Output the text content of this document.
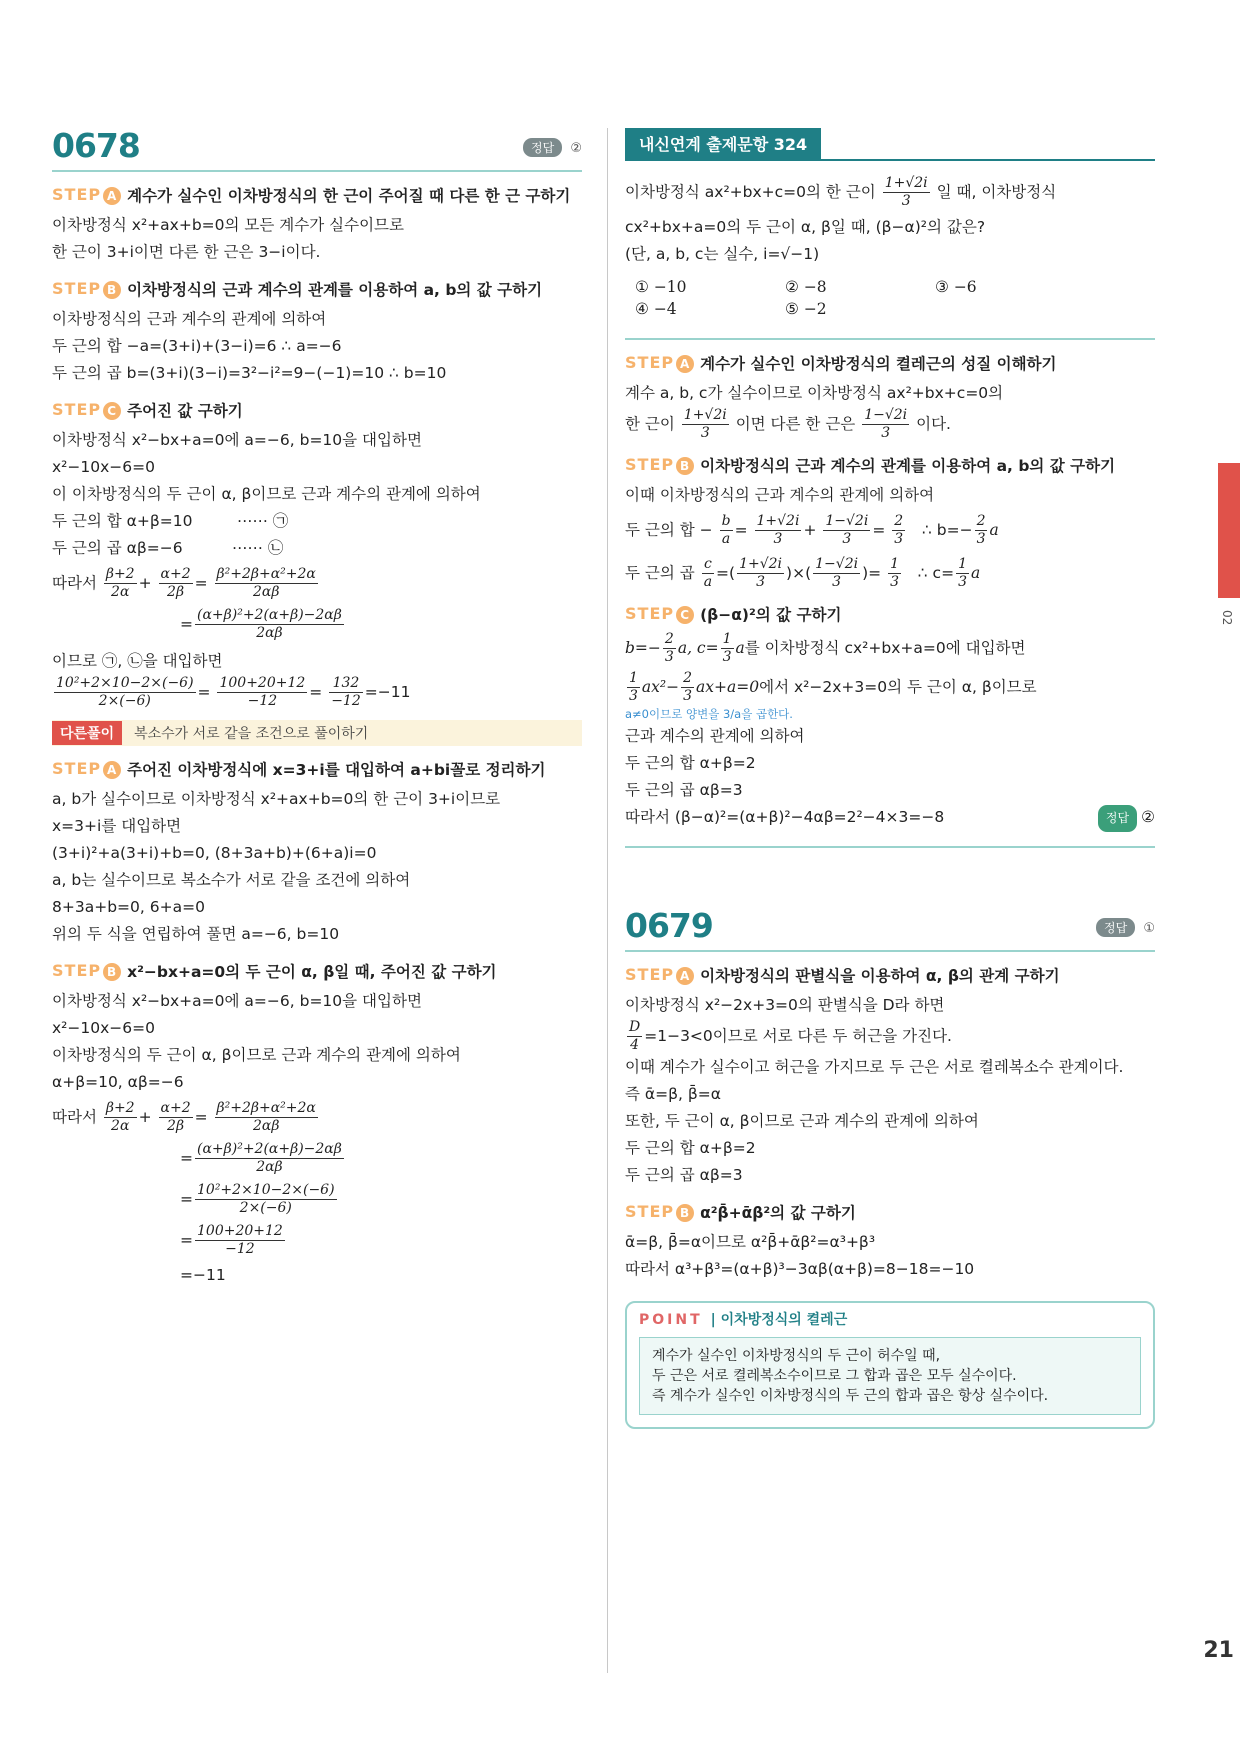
0678	정답 ②
STEP A 계수가 실수인 이차방정식의 한 근이 주어질 때 다른 한 근 구하기
이차방정식 x²+ax+b=0의 모든 계수가 실수이므로
한 근이 3+i이면 다른 한 근은 3−i이다.
STEP B 이차방정식의 근과 계수의 관계를 이용하여 a, b의 값 구하기
이차방정식의 근과 계수의 관계에 의하여
두 근의 합 −a=(3+i)+(3−i)=6 ∴ a=−6
두 근의 곱 b=(3+i)(3−i)=3²−i²=9−(−1)=10 ∴ b=10
STEP C 주어진 값 구하기
이차방정식 x²−bx+a=0에 a=−6, b=10을 대입하면
x²−10x−6=0
이 이차방정식의 두 근이 α, β이므로 근과 계수의 관계에 의하여
두 근의 합 α+β=10         ⋯⋯ ㉠
두 근의 곱 αβ=−6          ⋯⋯ ㉡
따라서 $\frac{\beta+2}{2\alpha} + \frac{\alpha+2}{2\beta} = \frac{\text{β²+2β+α²+2α}}{2\alpha\beta}$
= $\frac{\text{(α+β)²+2(α+β)−2αβ}}{2\alpha\beta}$
이므로 ㉠, ㉡을 대입하면
$\frac{\text{10²+2×10−2×(−6)}}{2\times(-6)} = \frac{100+20+12}{-12} = \frac{132}{-12} =-11$
다른풀이	복소수가 서로 같을 조건으로 풀이하기
STEP A 주어진 이차방정식에 x=3+i를 대입하여 a+bi꼴로 정리하기
a, b가 실수이므로 이차방정식 x²+ax+b=0의 한 근이 3+i이므로
x=3+i를 대입하면
(3+i)²+a(3+i)+b=0, (8+3a+b)+(6+a)i=0
a, b는 실수이므로 복소수가 서로 같을 조건에 의하여
8+3a+b=0, 6+a=0
위의 두 식을 연립하여 풀면 a=−6, b=10
STEP B x²−bx+a=0의 두 근이 α, β일 때, 주어진 값 구하기
이차방정식 x²−bx+a=0에 a=−6, b=10을 대입하면
x²−10x−6=0
이차방정식의 두 근이 α, β이므로 근과 계수의 관계에 의하여
α+β=10, αβ=−6
따라서 $\frac{\beta+2}{2\alpha} + \frac{\alpha+2}{2\beta} = \frac{\text{β²+2β+α²+2α}}{2\alpha\beta}$
= $\frac{\text{(α+β)²+2(α+β)−2αβ}}{2\alpha\beta}$
= $\frac{\text{10²+2×10−2×(−6)}}{2\times(-6)}$
= $\frac{100+20+12}{-12}$
=−11
내신연계 출제문항 324
이차방정식 ax²+bx+c=0의 한 근이 $\frac{1+√2i}{3}$ 일 때, 이차방정식
cx²+bx+a=0의 두 근이 α, β일 때, (β−α)²의 값은?
(단, a, b, c는 실수, i=√−1)
① −10	② −8	③ −6
④ −4	⑤ −2
STEP A 계수가 실수인 이차방정식의 켤레근의 성질 이해하기
계수 a, b, c가 실수이므로 이차방정식 ax²+bx+c=0의
한 근이 $\frac{1+√2i}{3}$ 이면 다른 한 근은 $\frac{1-√2i}{3}$ 이다.
STEP B 이차방정식의 근과 계수의 관계를 이용하여 a, b의 값 구하기
이때 이차방정식의 근과 계수의 관계에 의하여
두 근의 합 − $\frac{b}{a} = \frac{1+√2i}{3} + \frac{1-√2i}{3} = \frac{2}{3}$ ∴ $b=- \frac{2}{3}$ a
두 근의 곱 $\frac{c}{a}$ =( $\frac{1+√2i}{3}$ )×( $\frac{1-√2i}{3}$ )= $\frac{1}{3}$ ∴ $c= \frac{1}{3}$ a
STEP C (β−α)²의 값 구하기
$b=- \frac{2}{3} a$, $c= \frac{1}{3}$ a를 이차방정식 cx²+bx+a=0에 대입하면
$\frac{1}{3} ax^2- \frac{2}{3} ax+a=0$에서 x²−2x+3=0의 두 근이 α, β이므로
a≠0이므로 양변을 3/a을 곱한다.
근과 계수의 관계에 의하여
두 근의 합 α+β=2
두 근의 곱 αβ=3
따라서 (β−α)²=(α+β)²−4αβ=2²−4×3=−8	정답 ②
0679	정답 ①
STEP A 이차방정식의 판별식을 이용하여 α, β의 관계 구하기
이차방정식 x²−2x+3=0의 판별식을 D라 하면
$\frac{D}{4} =1-3<0$이므로 서로 다른 두 허근을 가진다.
이때 계수가 실수이고 허근을 가지므로 두 근은 서로 켤레복소수 관계이다.
즉 ᾱ=β, β̄=α
또한, 두 근이 α, β이므로 근과 계수의 관계에 의하여
두 근의 합 α+β=2
두 근의 곱 αβ=3
STEP B α²β̄+ᾱβ²의 값 구하기
ᾱ=β, β̄=α이므로 α²β̄+ᾱβ²=α³+β³
따라서 α³+β³=(α+β)³−3αβ(α+β)=8−18=−10
POINT | 이차방정식의 켤레근
계수가 실수인 이차방정식의 두 근이 허수일 때,
두 근은 서로 켤레복소수이므로 그 합과 곱은 모두 실수이다.
즉 계수가 실수인 이차방정식의 두 근의 합과 곱은 항상 실수이다.
02
21
